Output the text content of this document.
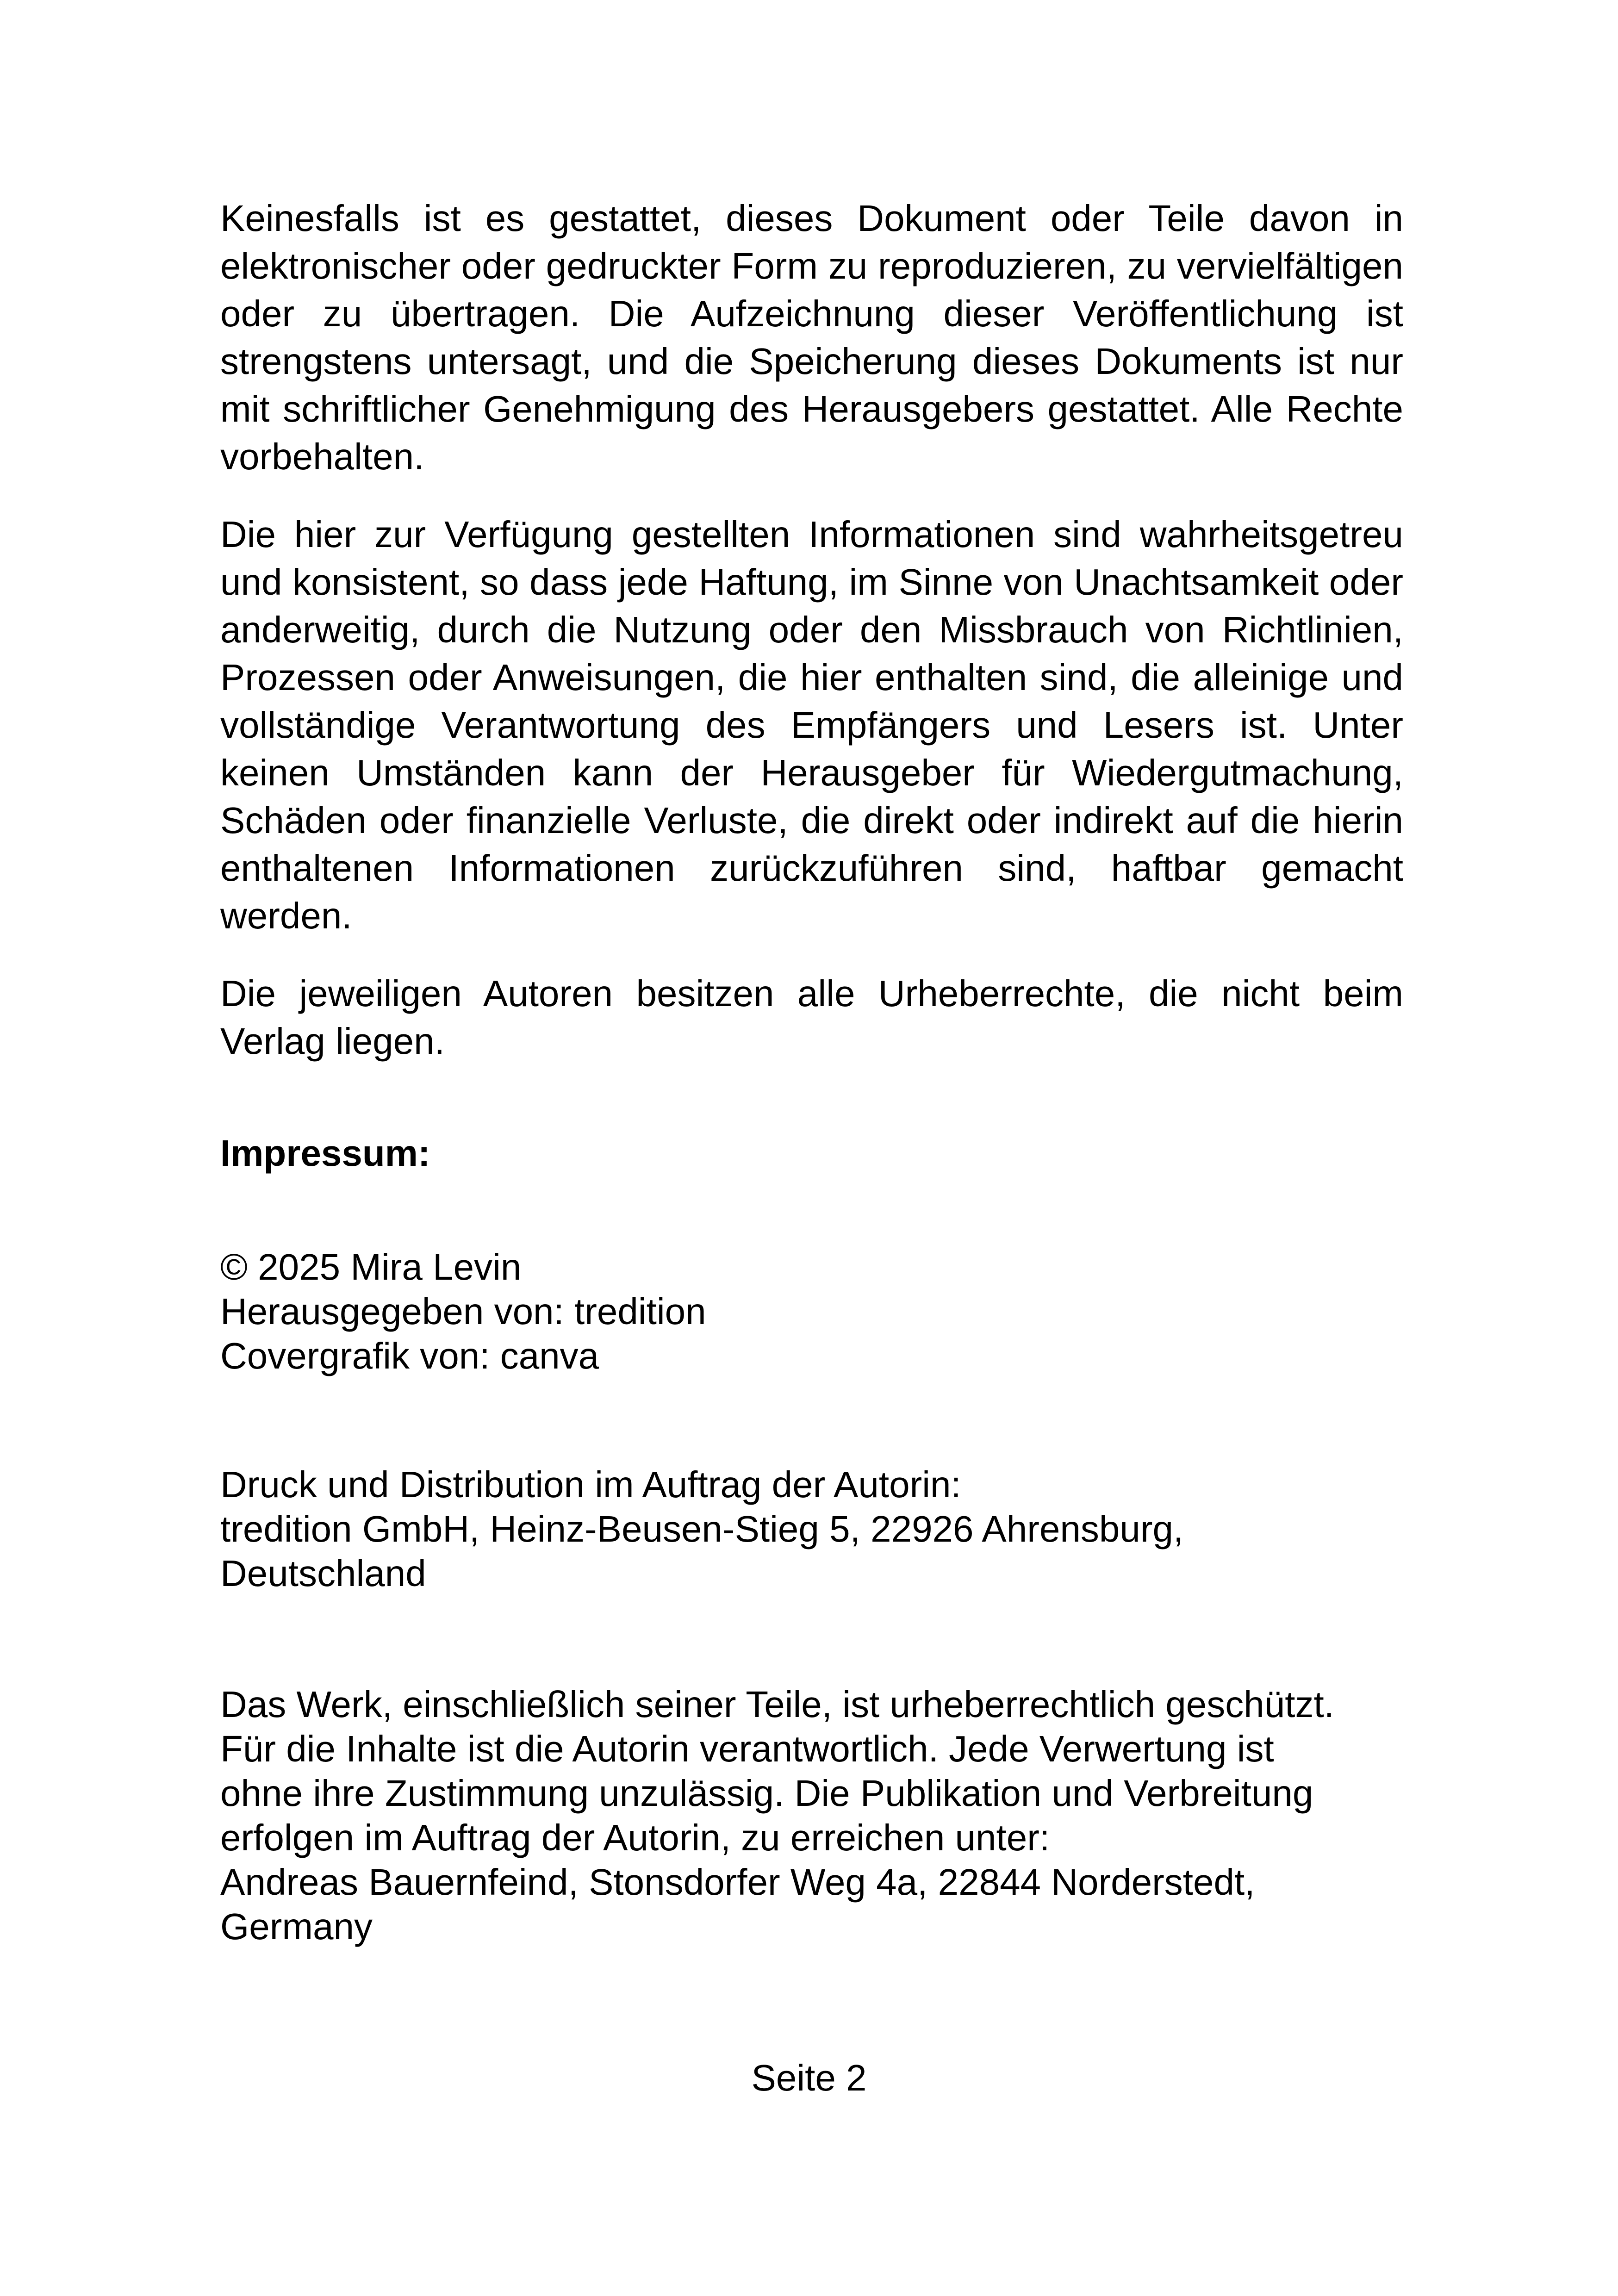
Keinesfalls ist es gestattet, dieses Dokument oder Teile davon in elektronischer oder gedruckter Form zu reproduzieren, zu vervielfältigen oder zu übertragen. Die Aufzeichnung dieser Veröffentlichung ist strengstens untersagt, und die Speicherung dieses Dokuments ist nur mit schriftlicher Genehmigung des Herausgebers gestattet. Alle Rechte vorbehalten.

Die hier zur Verfügung gestellten Informationen sind wahrheitsgetreu und konsistent, so dass jede Haftung, im Sinne von Unachtsamkeit oder anderweitig, durch die Nutzung oder den Missbrauch von Richtlinien, Prozessen oder Anweisungen, die hier enthalten sind, die alleinige und vollständige Verantwortung des Empfängers und Lesers ist. Unter keinen Umständen kann der Herausgeber für Wiedergutmachung, Schäden oder finanzielle Verluste, die direkt oder indirekt auf die hierin enthaltenen Informationen zurückzuführen sind, haftbar gemacht werden.

Die jeweiligen Autoren besitzen alle Urheberrechte, die nicht beim Verlag liegen.

Impressum:

© 2025 Mira Levin
Herausgegeben von: tredition
Covergrafik von: canva
Druck und Distribution im Auftrag der Autorin:
tredition GmbH, Heinz-Beusen-Stieg 5, 22926 Ahrensburg,
Deutschland
Das Werk, einschließlich seiner Teile, ist urheberrechtlich geschützt.
Für die Inhalte ist die Autorin verantwortlich. Jede Verwertung ist
ohne ihre Zustimmung unzulässig. Die Publikation und Verbreitung
erfolgen im Auftrag der Autorin, zu erreichen unter:
Andreas Bauernfeind, Stonsdorfer Weg 4a, 22844 Norderstedt,
Germany
Seite 2
